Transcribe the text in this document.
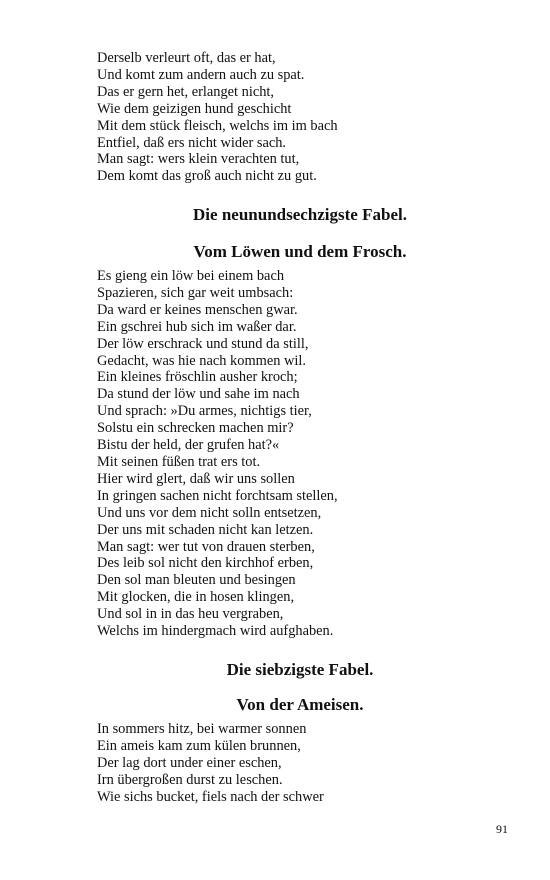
Derselb verleurt oft, das er hat,
Und komt zum andern auch zu spat.
Das er gern het, erlanget nicht,
Wie dem geizigen hund geschicht
Mit dem stück fleisch, welchs im im bach
Entfiel, daß ers nicht wider sach.
Man sagt: wers klein verachten tut,
Dem komt das groß auch nicht zu gut.
Die neunundsechzigste Fabel.
Vom Löwen und dem Frosch.
Es gieng ein löw bei einem bach
Spazieren, sich gar weit umbsach:
Da ward er keines menschen gwar.
Ein gschrei hub sich im waßer dar.
Der löw erschrack und stund da still,
Gedacht, was hie nach kommen wil.
Ein kleines fröschlin ausher kroch;
Da stund der löw und sahe im nach
Und sprach: »Du armes, nichtigs tier,
Solstu ein schrecken machen mir?
Bistu der held, der grufen hat?«
Mit seinen füßen trat ers tot.
Hier wird glert, daß wir uns sollen
In gringen sachen nicht forchtsam stellen,
Und uns vor dem nicht solln entsetzen,
Der uns mit schaden nicht kan letzen.
Man sagt: wer tut von drauen sterben,
Des leib sol nicht den kirchhof erben,
Den sol man bleuten und besingen
Mit glocken, die in hosen klingen,
Und sol in in das heu vergraben,
Welchs im hindergmach wird aufghaben.
Die siebzigste Fabel.
Von der Ameisen.
In sommers hitz, bei warmer sonnen
Ein ameis kam zum külen brunnen,
Der lag dort under einer eschen,
Irn übergroßen durst zu leschen.
Wie sichs bucket, fiels nach der schwer
91
